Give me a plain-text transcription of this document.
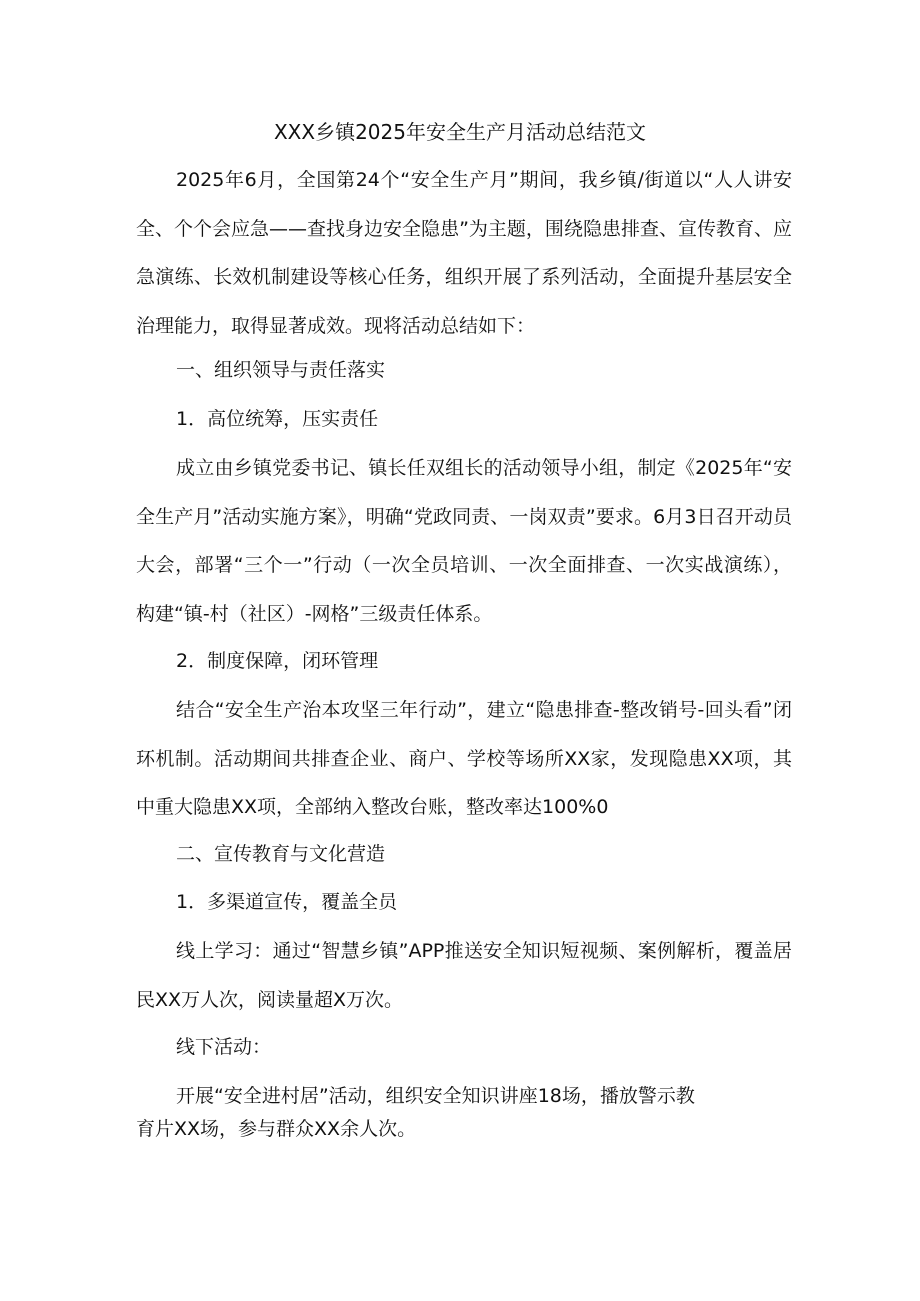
XXX乡镇2025年安全生产月活动总结范文

2025年6月，全国第24个“安全生产月”期间，我乡镇/街道以“人人讲安全、个个会应急——查找身边安全隐患”为主题，围绕隐患排查、宣传教育、应急演练、长效机制建设等核心任务，组织开展了系列活动，全面提升基层安全治理能力，取得显著成效。现将活动总结如下：

一、组织领导与责任落实

1．高位统筹，压实责任

成立由乡镇党委书记、镇长任双组长的活动领导小组，制定《2025年“安全生产月”活动实施方案》，明确“党政同责、一岗双责”要求。6月3日召开动员大会，部署“三个一”行动（一次全员培训、一次全面排查、一次实战演练），构建“镇-村（社区）-网格”三级责任体系。

2．制度保障，闭环管理

结合“安全生产治本攻坚三年行动”，建立“隐患排查-整改销号-回头看”闭环机制。活动期间共排查企业、商户、学校等场所XX家，发现隐患XX项，其中重大隐患XX项，全部纳入整改台账，整改率达100%0

二、宣传教育与文化营造

1．多渠道宣传，覆盖全员

线上学习：通过“智慧乡镇”APP推送安全知识短视频、案例解析，覆盖居民XX万人次，阅读量超X万次。

线下活动：

开展“安全进村居”活动，组织安全知识讲座18场，播放警示教

育片XX场，参与群众XX余人次。
